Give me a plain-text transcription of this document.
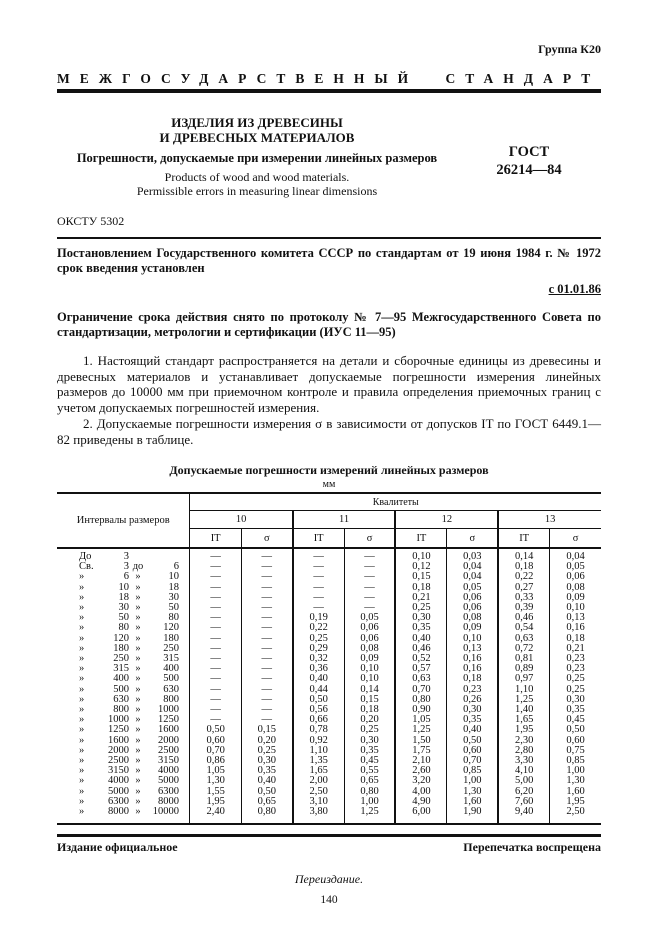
Группа К20
МЕЖГОСУДАРСТВЕННЫЙ СТАНДАРТ
ИЗДЕЛИЯ ИЗ ДРЕВЕСИНЫ
И ДРЕВЕСНЫХ МАТЕРИАЛОВ
Погрешности, допускаемые при измерении линейных размеров
Products of wood and wood materials.
Permissible errors in measuring linear dimensions
ГОСТ
26214—84
ОКСТУ 5302

Постановлением Государственного комитета СССР по стандартам от 19 июня 1984 г. № 1972 срок введения установлен

с 01.01.86

Ограничение срока действия снято по протоколу № 7—95 Межгосударственного Совета по стандартизации, метрологии и сертификации (ИУС 11—95)

1. Настоящий стандарт распространяется на детали и сборочные единицы из древесины и древесных материалов и устанавливает допускаемые погрешности измерения линейных размеров до 10000 мм при приемочном контроле и правила определения приемочных границ с учетом допускаемых погрешностей измерения.

2. Допускаемые погрешности измерения σ в зависимости от допусков IT по ГОСТ 6449.1—82 приведены в таблице.

Допускаемые погрешности измерений линейных размеров
мм
Интервалы размеров	Квалитеты							
	10		11		12		13	
	IT	σ	IT	σ	IT	σ	IT	σ
До 3	—	—	—	—	0,10	0,03	0,14	0,04
Св. 3 до 6	—	—	—	—	0,12	0,04	0,18	0,05
» 6 » 10	—	—	—	—	0,15	0,04	0,22	0,06
» 10 » 18	—	—	—	—	0,18	0,05	0,27	0,08
» 18 » 30	—	—	—	—	0,21	0,06	0,33	0,09
» 30 » 50	—	—	—	—	0,25	0,06	0,39	0,10
» 50 » 80	—	—	0,19	0,05	0,30	0,08	0,46	0,13
» 80 » 120	—	—	0,22	0,06	0,35	0,09	0,54	0,16
» 120 » 180	—	—	0,25	0,06	0,40	0,10	0,63	0,18
» 180 » 250	—	—	0,29	0,08	0,46	0,13	0,72	0,21
» 250 » 315	—	—	0,32	0,09	0,52	0,16	0,81	0,23
» 315 » 400	—	—	0,36	0,10	0,57	0,16	0,89	0,23
» 400 » 500	—	—	0,40	0,10	0,63	0,18	0,97	0,25
» 500 » 630	—	—	0,44	0,14	0,70	0,23	1,10	0,25
» 630 » 800	—	—	0,50	0,15	0,80	0,26	1,25	0,30
» 800 » 1000	—	—	0,56	0,18	0,90	0,30	1,40	0,35
» 1000 » 1250	—	—	0,66	0,20	1,05	0,35	1,65	0,45
» 1250 » 1600	0,50	0,15	0,78	0,25	1,25	0,40	1,95	0,50
» 1600 » 2000	0,60	0,20	0,92	0,30	1,50	0,50	2,30	0,60
» 2000 » 2500	0,70	0,25	1,10	0,35	1,75	0,60	2,80	0,75
» 2500 » 3150	0,86	0,30	1,35	0,45	2,10	0,70	3,30	0,85
» 3150 » 4000	1,05	0,35	1,65	0,55	2,60	0,85	4,10	1,00
» 4000 » 5000	1,30	0,40	2,00	0,65	3,20	1,00	5,00	1,30
» 5000 » 6300	1,55	0,50	2,50	0,80	4,00	1,30	6,20	1,60
» 6300 » 8000	1,95	0,65	3,10	1,00	4,90	1,60	7,60	1,95
» 8000 » 10000	2,40	0,80	3,80	1,25	6,00	1,90	9,40	2,50
Издание официальное	Перепечатка воспрещена
Переиздание.
140
